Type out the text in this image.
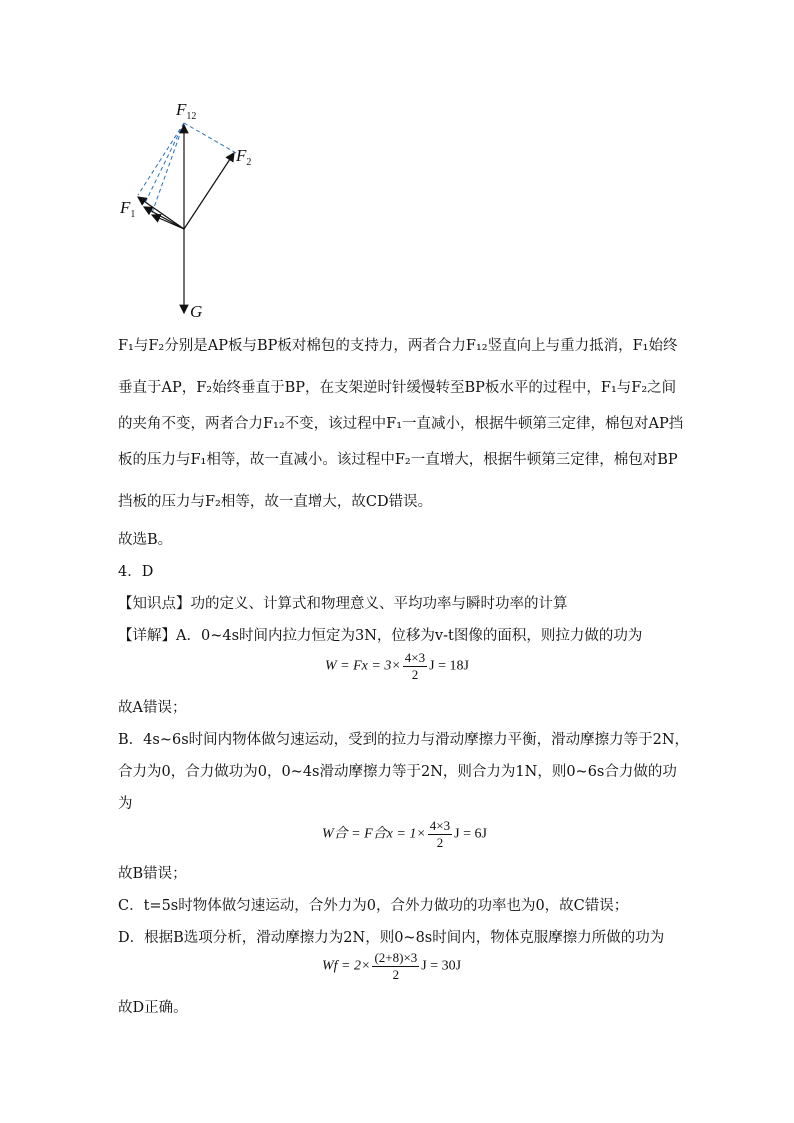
$F_{12}$
$F_2$
$F_1$
G
F₁与F₂分别是AP板与BP板对棉包的支持力，两者合力F₁₂竖直向上与重力抵消，F₁始终
垂直于AP，F₂始终垂直于BP，在支架逆时针缓慢转至BP板水平的过程中，F₁与F₂之间
的夹角不变，两者合力F₁₂不变，该过程中F₁一直减小，根据牛顿第三定律，棉包对AP挡
板的压力与F₁相等，故一直减小。该过程中F₂一直增大，根据牛顿第三定律，棉包对BP
挡板的压力与F₂相等，故一直增大，故CD错误。
故选B。
4．D
【知识点】功的定义、计算式和物理意义、平均功率与瞬时功率的计算
【详解】A．0~4s时间内拉力恒定为3N，位移为v-t图像的面积，则拉力做的功为
$W = Fx = 3\times \frac{4\times 3}{2}$ J = 18J
故A错误；
B．4s~6s时间内物体做匀速运动，受到的拉力与滑动摩擦力平衡，滑动摩擦力等于2N，
合力为0，合力做功为0，0~4s滑动摩擦力等于2N，则合力为1N，则0~6s合力做的功
为
W合 = F合$x = 1\times \frac{4\times 3}{2}$ J = 6J
故B错误；
C．t=5s时物体做匀速运动，合外力为0，合外力做功的功率也为0，故C错误；
D．根据B选项分析，滑动摩擦力为2N，则0~8s时间内，物体克服摩擦力所做的功为
$Wf = 2\times \frac{(2+8)\times 3}{2}$ J = 30J
故D正确。
